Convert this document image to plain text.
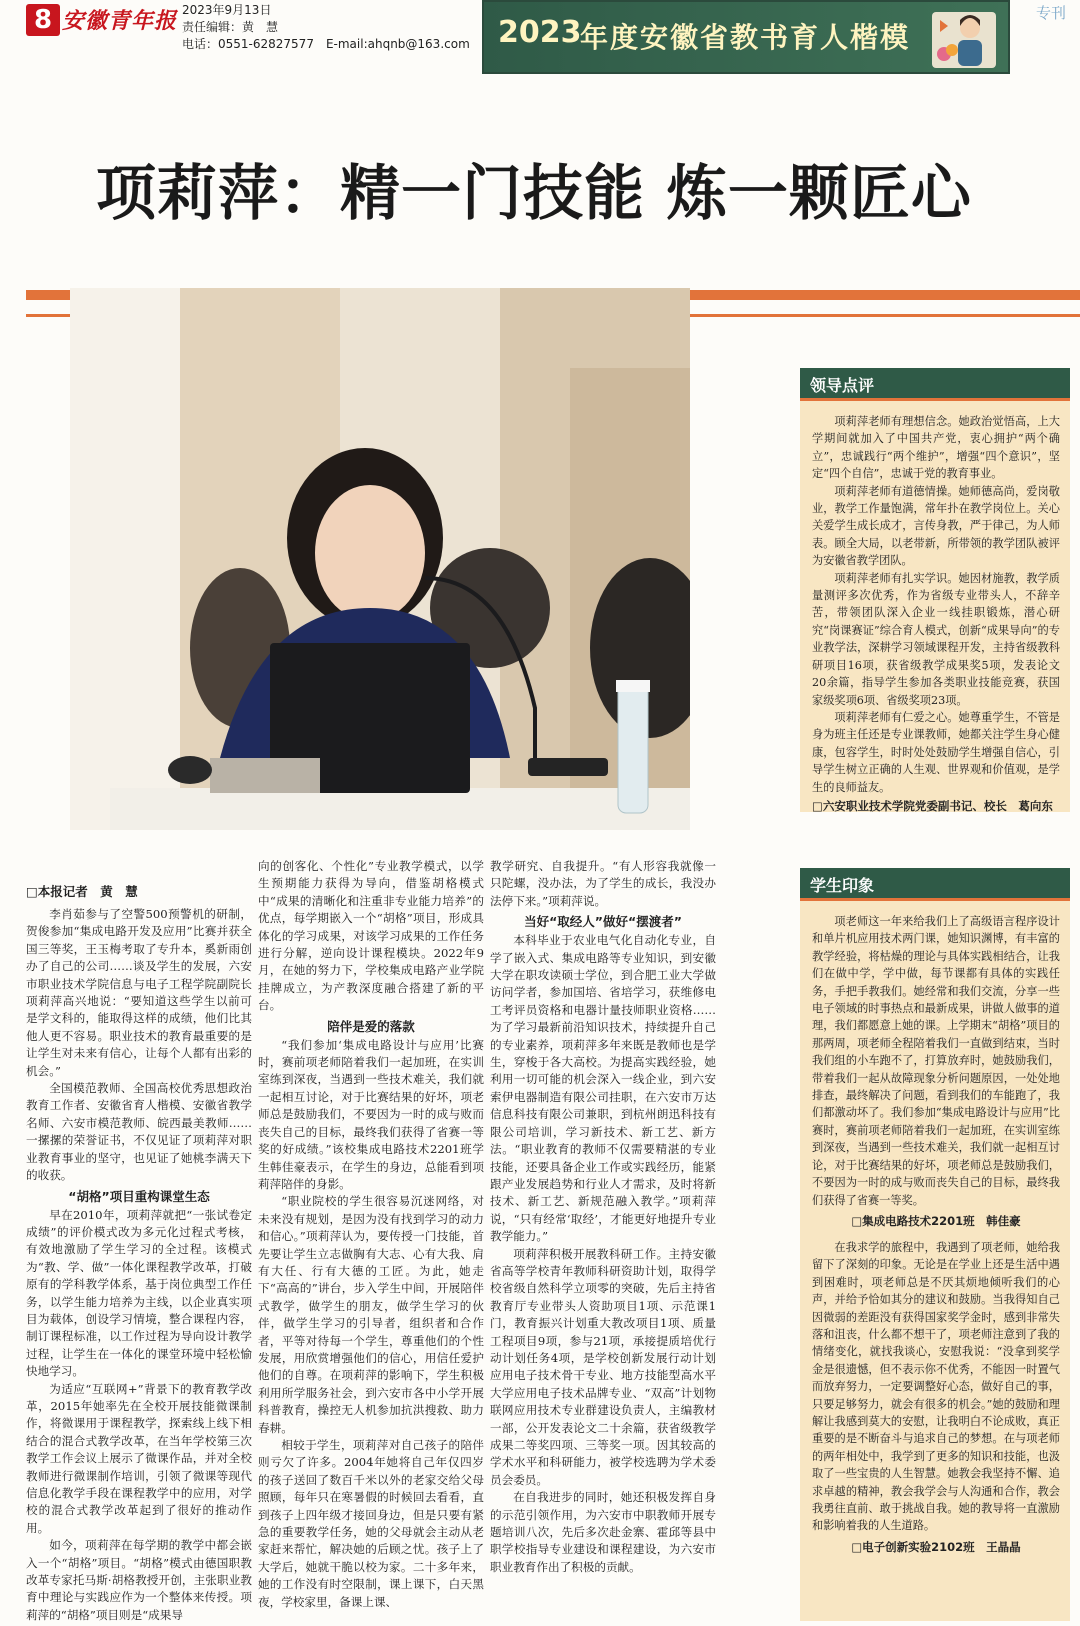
8 安徽青年报 2023年9月13日
责任编辑：黄　慧
电话：0551-62827577　E-mail:ahqnb@163.com 2023
年度安徽省教书育人楷模
专刊
项莉萍：精一门技能 炼一颗匠心
领导点评

项莉萍老师有理想信念。她政治觉悟高，上大学期间就加入了中国共产党，衷心拥护“两个确立”，忠诚践行“两个维护”，增强“四个意识”，坚定“四个自信”，忠诚于党的教育事业。

项莉萍老师有道德情操。她师德高尚，爱岗敬业，教学工作量饱满，常年扑在教学岗位上。关心关爱学生成长成才，言传身教，严于律己，为人师表。顾全大局，以老带新，所带领的教学团队被评为安徽省教学团队。

项莉萍老师有扎实学识。她因材施教，教学质量测评多次优秀，作为省级专业带头人，不辞辛苦，带领团队深入企业一线挂职锻炼，潜心研究“岗课赛证”综合育人模式，创新“成果导向”的专业教学法，深耕学习领域课程开发，主持省级教科研项目16项，获省级教学成果奖5项，发表论文20余篇，指导学生参加各类职业技能竞赛，获国家级奖项6项、省级奖项23项。

项莉萍老师有仁爱之心。她尊重学生，不管是身为班主任还是专业课教师，她都关注学生身心健康，包容学生，时时处处鼓励学生增强自信心，引导学生树立正确的人生观、世界观和价值观，是学生的良师益友。

□六安职业技术学院党委副书记、校长　葛向东

学生印象

项老师这一年来给我们上了高级语言程序设计和单片机应用技术两门课，她知识渊博，有丰富的教学经验，将枯燥的理论与具体实践相结合，让我们在做中学，学中做，每节课都有具体的实践任务，手把手教我们。她经常和我们交流，分享一些电子领域的时事热点和最新成果，讲做人做事的道理，我们都愿意上她的课。上学期末“胡格”项目的那两周，项老师全程陪着我们一直做到结束，当时我们组的小车跑不了，打算放弃时，她鼓励我们，带着我们一起从故障现象分析问题原因，一处处地排查，最终解决了问题，看到我们的车能跑了，我们都激动坏了。我们参加“集成电路设计与应用”比赛时，赛前项老师陪着我们一起加班，在实训室练到深夜，当遇到一些技术难关，我们就一起相互讨论，对于比赛结果的好坏，项老师总是鼓励我们，不要因为一时的成与败而丧失自己的目标，最终我们获得了省赛一等奖。

□集成电路技术2201班　韩佳豪

在我求学的旅程中，我遇到了项老师，她给我留下了深刻的印象。无论是在学业上还是生活中遇到困难时，项老师总是不厌其烦地倾听我们的心声，并给予恰如其分的建议和鼓励。当我得知自己因微弱的差距没有获得国家奖学金时，感到非常失落和沮丧，什么都不想干了，项老师注意到了我的情绪变化，就找我谈心，安慰我说：“没拿到奖学金是很遗憾，但不表示你不优秀，不能因一时置气而放弃努力，一定要调整好心态，做好自己的事，只要足够努力，就会有很多的机会。”她的鼓励和理解让我感到莫大的安慰，让我明白不论成败，真正重要的是不断奋斗与追求自己的梦想。在与项老师的两年相处中，我学到了更多的知识和技能，也汲取了一些宝贵的人生智慧。她教会我坚持不懈、追求卓越的精神，教会我学会与人沟通和合作，教会我勇往直前、敢于挑战自我。她的教导将一直激励和影响着我的人生道路。

□电子创新实验2102班　王晶晶

□本报记者　黄　慧

李肖茹参与了空警500预警机的研制，贺俊参加“集成电路开发及应用”比赛并获全国三等奖，王玉梅考取了专升本，奚新雨创办了自己的公司……谈及学生的发展，六安市职业技术学院信息与电子工程学院副院长项莉萍高兴地说：“要知道这些学生以前可是学文科的，能取得这样的成绩，他们比其他人更不容易。职业技术的教育最重要的是让学生对未来有信心，让每个人都有出彩的机会。”

全国模范教师、全国高校优秀思想政治教育工作者、安徽省育人楷模、安徽省教学名师、六安市模范教师、皖西最美教师……一摞摞的荣誉证书，不仅见证了项莉萍对职业教育事业的坚守，也见证了她桃李满天下的收获。

“胡格”项目重构课堂生态

早在2010年，项莉萍就把“一张试卷定成绩”的评价模式改为多元化过程式考核，有效地激励了学生学习的全过程。该模式为“教、学、做”一体化课程教学改革，打破原有的学科教学体系，基于岗位典型工作任务，以学生能力培养为主线，以企业真实项目为载体，创设学习情境，整合课程内容，制订课程标准，以工作过程为导向设计教学过程，让学生在一体化的课堂环境中轻松愉快地学习。

为适应“互联网+”背景下的教育教学改革，2015年她率先在全校开展技能微课制作，将微课用于课程教学，探索线上线下相结合的混合式教学改革，在当年学校第三次教学工作会议上展示了微课作品，并对全校教师进行微课制作培训，引领了微课等现代信息化教学手段在课程教学中的应用，对学校的混合式教学改革起到了很好的推动作用。

如今，项莉萍在每学期的教学中都会嵌入一个“胡格”项目。“胡格”模式由德国职教改革专家托马斯·胡格教授开创，主张职业教育中理论与实践应作为一个整体来传授。项莉萍的“胡格”项目则是“成果导

向的创客化、个性化”专业教学模式，以学生预期能力获得为导向，借鉴胡格模式中“成果的清晰化和注重非专业能力培养”的优点，每学期嵌入一个“胡格”项目，形成具体化的学习成果，对该学习成果的工作任务进行分解，逆向设计课程模块。2022年9月，在她的努力下，学校集成电路产业学院挂牌成立，为产教深度融合搭建了新的平台。

陪伴是爱的落款

“我们参加‘集成电路设计与应用’比赛时，赛前项老师陪着我们一起加班，在实训室练到深夜，当遇到一些技术难关，我们就一起相互讨论，对于比赛结果的好坏，项老师总是鼓励我们，不要因为一时的成与败而丧失自己的目标，最终我们获得了省赛一等奖的好成绩。”该校集成电路技术2201班学生韩佳豪表示，在学生的身边，总能看到项莉萍陪伴的身影。

“职业院校的学生很容易沉迷网络，对未来没有规划，是因为没有找到学习的动力和信心。”项莉萍认为，要传授一门技能，首先要让学生立志做胸有大志、心有大我、肩有大任、行有大德的工匠。为此，她走下“高高的”讲台，步入学生中间，开展陪伴式教学，做学生的朋友，做学生学习的伙伴，做学生学习的引导者，组织者和合作者，平等对待每一个学生，尊重他们的个性发展，用欣赏增强他们的信心，用信任爱护他们的自尊。在项莉萍的影响下，学生积极利用所学服务社会，到六安市各中小学开展科普教育，操控无人机参加抗洪搜救、助力春耕。

相较于学生，项莉萍对自己孩子的陪伴则亏欠了许多。2004年她将自己年仅四岁的孩子送回了数百千米以外的老家交给父母照顾，每年只在寒暑假的时候回去看看，直到孩子上四年级才接回身边，但是只要有紧急的重要教学任务，她的父母就会主动从老家赶来帮忙，解决她的后顾之忧。孩子上了大学后，她就干脆以校为家。二十多年来，她的工作没有时空限制，课上课下，白天黑夜，学校家里，备课上课、

教学研究、自我提升。“有人形容我就像一只陀螺，没办法，为了学生的成长，我没办法停下来。”项莉萍说。

当好“取经人”做好“摆渡者”

本科毕业于农业电气化自动化专业，自学了嵌入式、集成电路等专业知识，到安徽大学在职攻读硕士学位，到合肥工业大学做访问学者，参加国培、省培学习，获维修电工考评员资格和电器计量技师职业资格……为了学习最新前沿知识技术，持续提升自己的专业素养，项莉萍多年来既是教师也是学生，穿梭于各大高校。为提高实践经验，她利用一切可能的机会深入一线企业，到六安索伊电器制造有限公司挂职，在六安市万达信息科技有限公司兼职，到杭州朗迅科技有限公司培训，学习新技术、新工艺、新方法。“职业教育的教师不仅需要精湛的专业技能，还要具备企业工作或实践经历，能紧跟产业发展趋势和行业人才需求，及时将新技术、新工艺、新规范融入教学。”项莉萍说，“只有经常‘取经’，才能更好地提升专业教学能力。”

项莉萍积极开展教科研工作。主持安徽省高等学校青年教师科研资助计划，取得学校省级自然科学立项零的突破，先后主持省教育厅专业带头人资助项目1项、示范课1门，教育振兴计划重大教改项目1项、质量工程项目9项，参与21项，承接提质培优行动计划任务4项，是学校创新发展行动计划应用电子技术骨干专业、地方技能型高水平大学应用电子技术品牌专业、“双高”计划物联网应用技术专业群建设负责人，主编教材一部，公开发表论文二十余篇，获省级教学成果二等奖四项、三等奖一项。因其较高的学术水平和科研能力，被学校选聘为学术委员会委员。

在自我进步的同时，她还积极发挥自身的示范引领作用，为六安市中职教师开展专题培训八次，先后多次赴金寨、霍邱等县中职学校指导专业建设和课程建设，为六安市职业教育作出了积极的贡献。
